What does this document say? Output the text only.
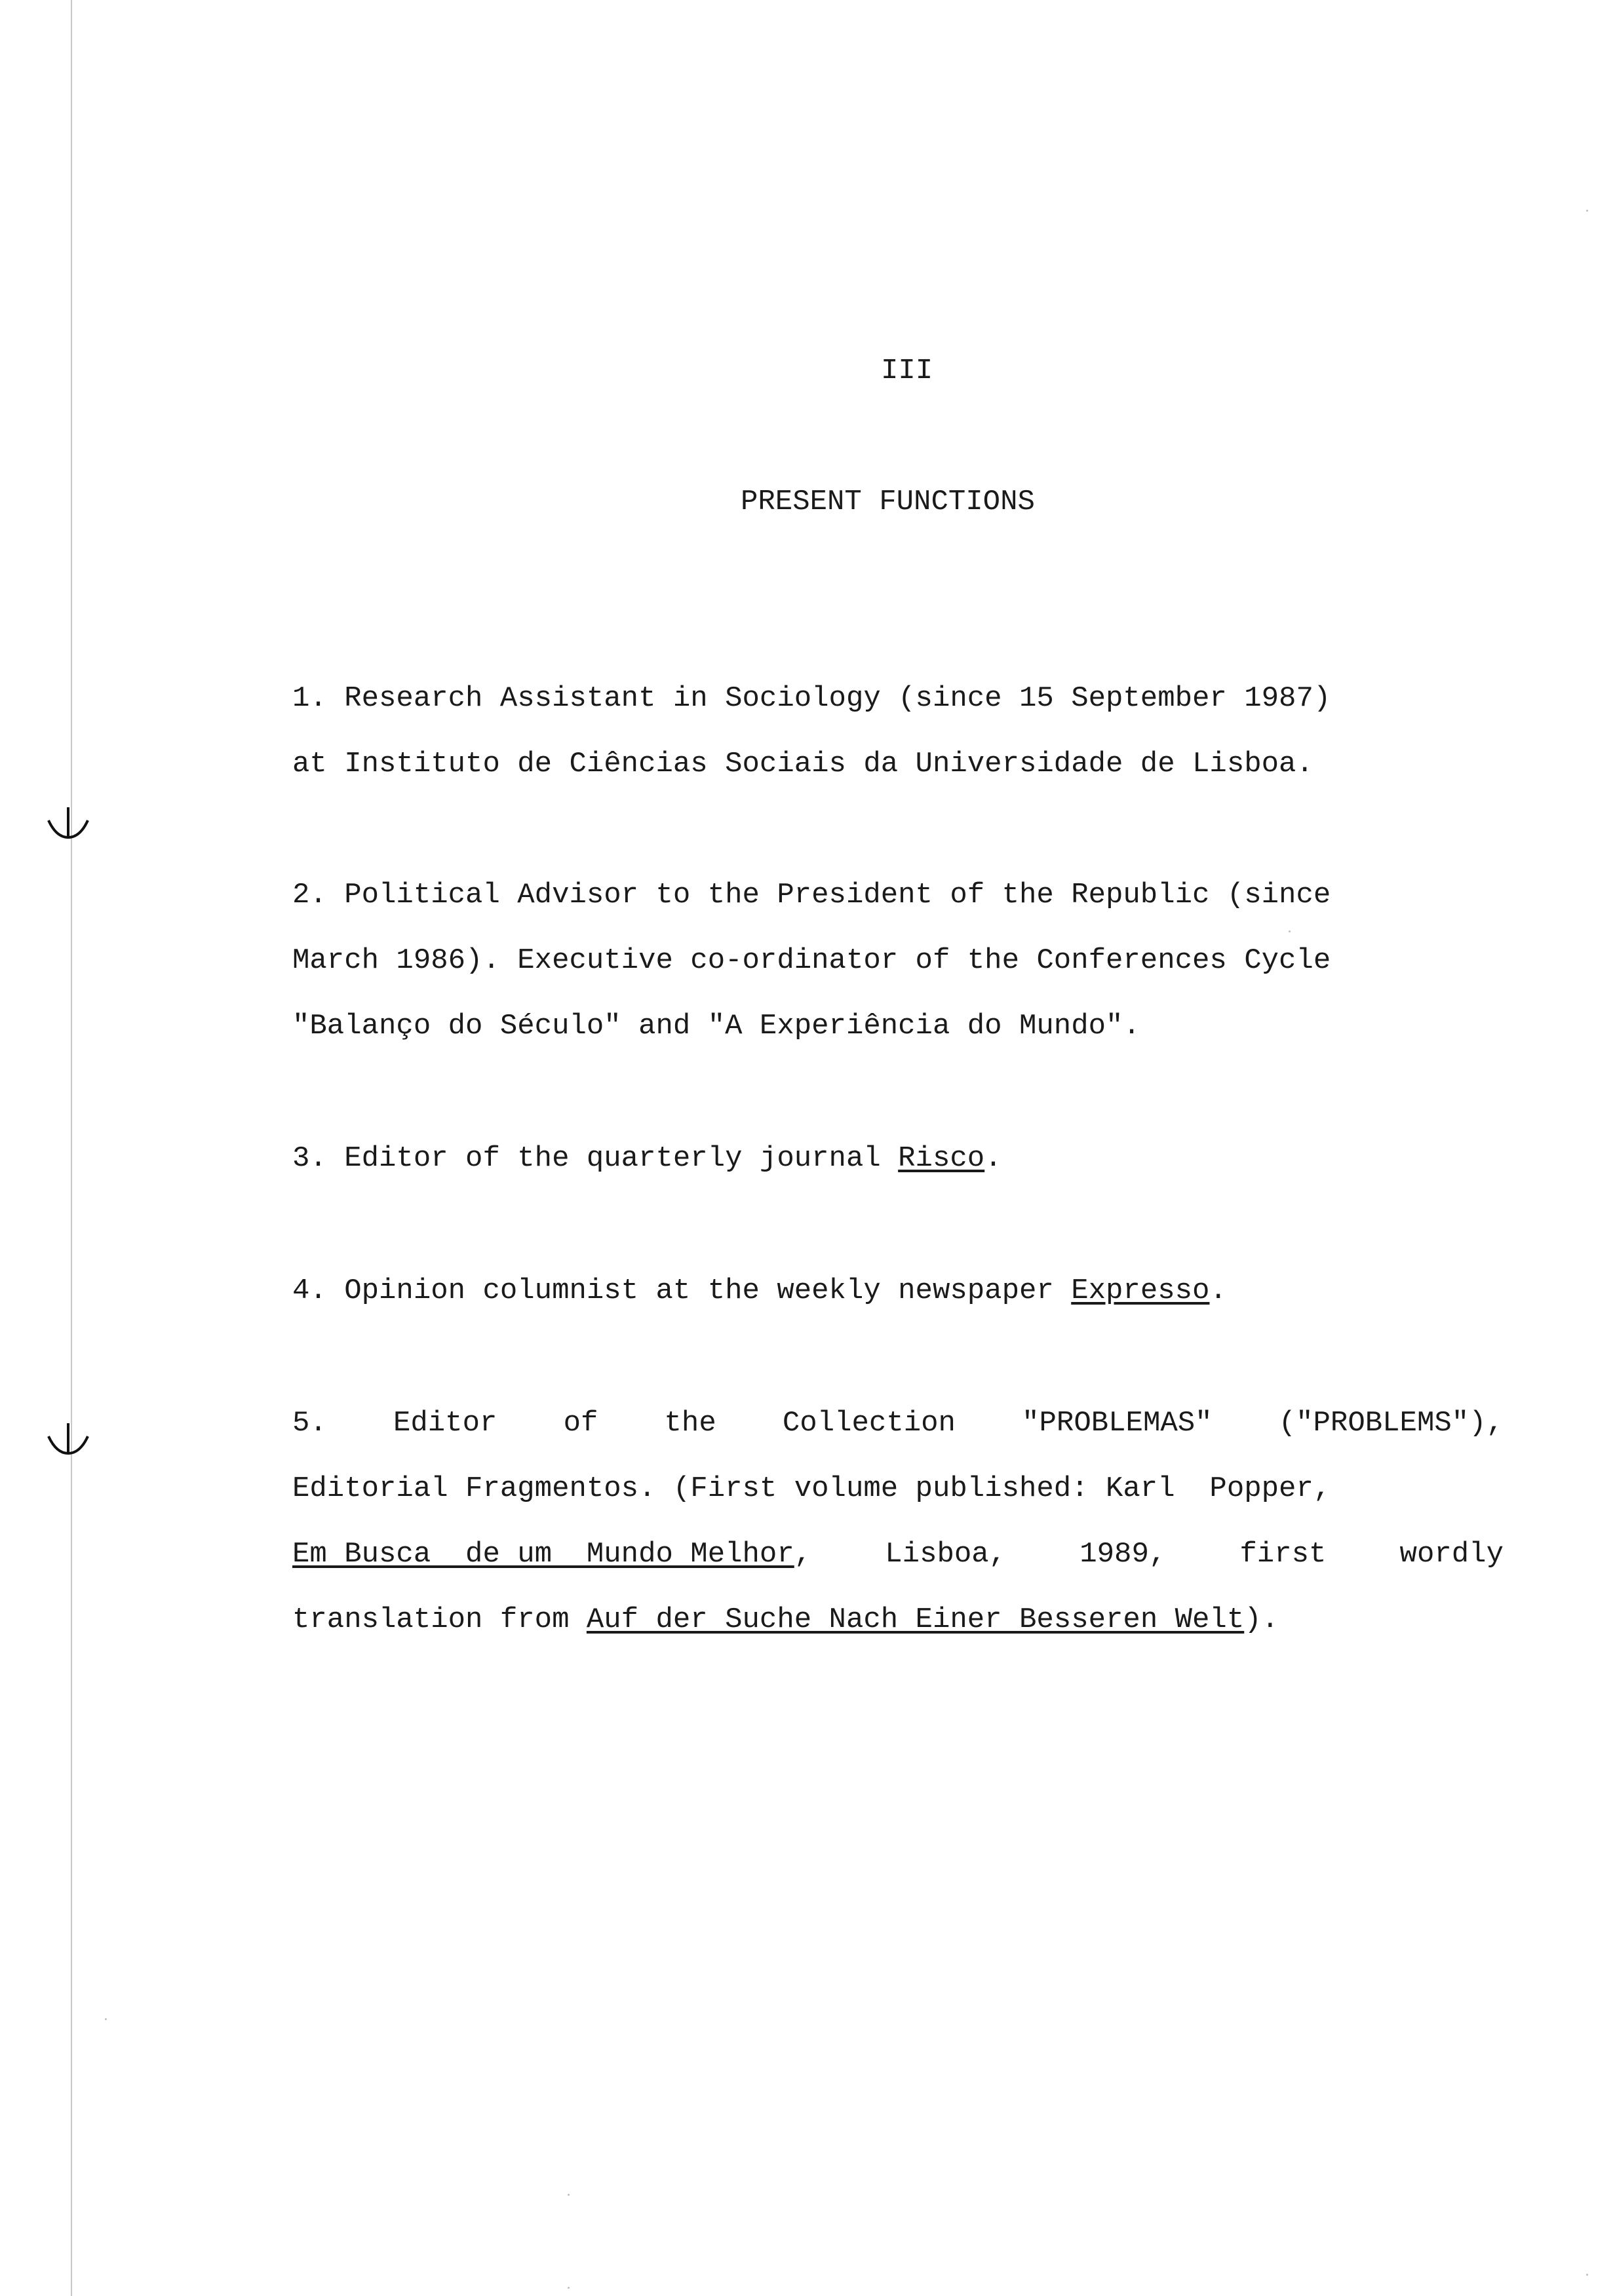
III
PRESENT FUNCTIONS
1. Research Assistant in Sociology (since 15 September 1987)
at Instituto de Ciências Sociais da Universidade de Lisboa.
2. Political Advisor to the President of the Republic (since
March 1986). Executive co-ordinator of the Conferences Cycle
"Balanço do Século" and "A Experiência do Mundo".
3. Editor of the quarterly journal Risco.
4. Opinion columnist at the weekly newspaper Expresso.
5. Editor of the Collection "PROBLEMAS" ("PROBLEMS"),
Editorial Fragmentos. (First volume published: Karl  Popper,
Em Busca  de um  Mundo Melhor,	Lisboa,	1989,	first	wordly
translation from Auf der Suche Nach Einer Besseren Welt).
